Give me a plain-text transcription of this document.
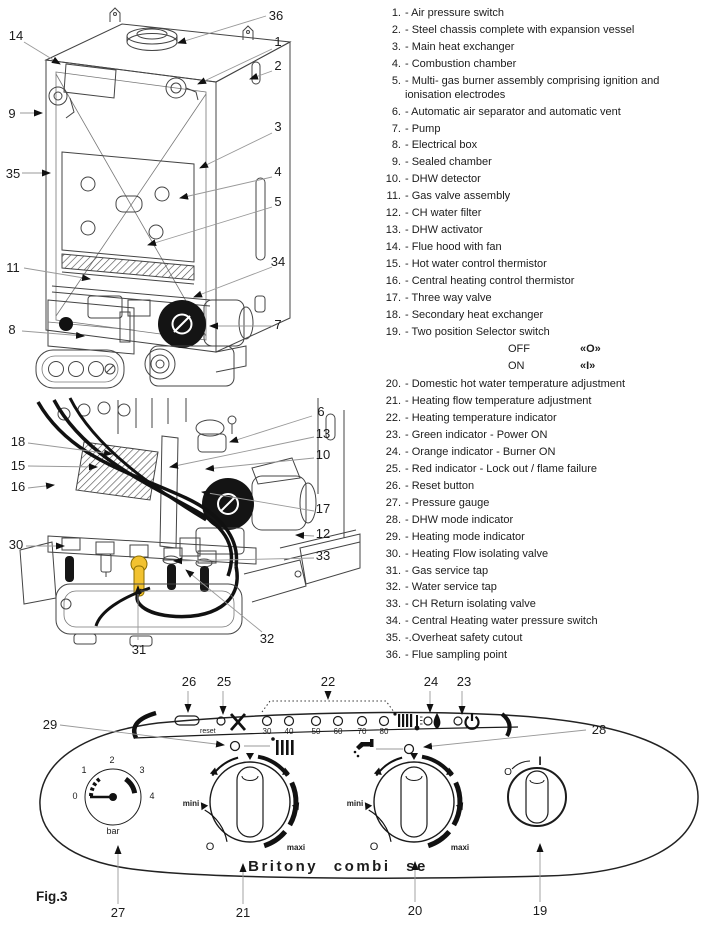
36
14	1
2
9
3
35	4
5
11	34
8	7
18
15
16
30
6
13
10
17
12
33
32
31
1. - Air pressure switch
2. - Steel chassis complete with expansion vessel
3. - Main heat exchanger
4. - Combustion chamber
5. - Multi- gas burner assembly comprising ignition and ionisation electrodes
6. - Automatic air separator and automatic vent
7. - Pump
8. - Electrical box
9. - Sealed chamber
10. - DHW detector
11. - Gas valve assembly
12. - CH water filter
13. - DHW activator
14. - Flue hood with fan
15. - Hot water control thermistor
16. - Central heating control thermistor
17. - Three way valve
18. - Secondary heat exchanger
19. - Two position Selector switch
OFF	«O»
ON	«I»
20. - Domestic hot water temperature adjustment
21. - Heating flow temperature adjustment
22. - Heating temperature indicator
23. - Green indicator - Power ON
24. - Orange indicator - Burner ON
25. - Red indicator - Lock out / flame failure
26. - Reset button
27. - Pressure gauge
28. - DHW mode indicator
29. - Heating mode indicator
30. - Heating Flow isolating valve
31. - Gas service tap
32. - Water service tap
33. - CH Return isolating valve
34. - Central Heating water pressure switch
35. -.Overheat safety cutout
36. - Flue sampling point
reset	30 40 50 60 70 80
0
1
2
3
4
bar
mini
O	maxi
mini
O	maxi
O
I
Britony combi se
Fig.3
26 25	22	24 23
29	28
27	21	20	19
